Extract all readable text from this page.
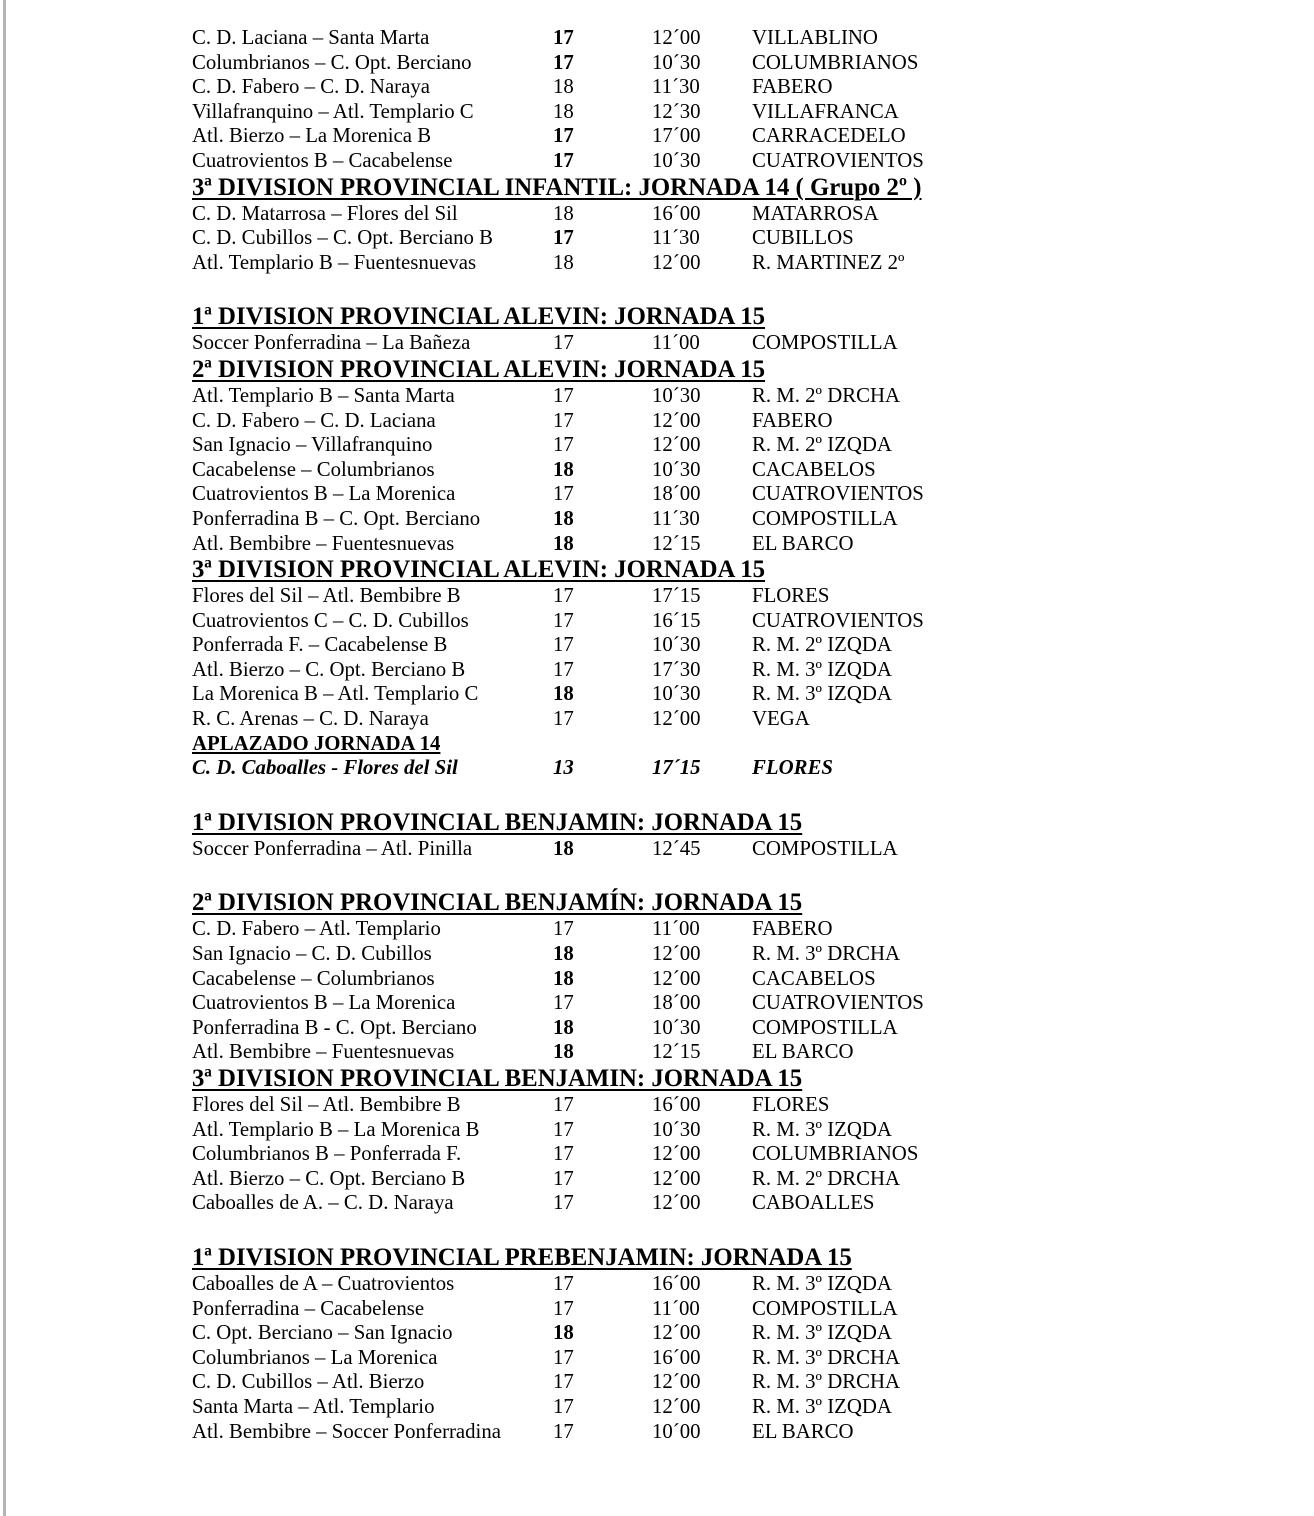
C. D. Laciana – Santa Marta	17	12´00 VILLABLINO
Columbrianos – C. Opt. Berciano	17	10´30 COLUMBRIANOS
C. D. Fabero – C. D. Naraya	18	11´30	FABERO
Villafranquino – Atl. Templario C	18	12´30 VILLAFRANCA
Atl. Bierzo – La Morenica B	17	17´00 CARRACEDELO
Cuatrovientos B – Cacabelense	17	10´30 CUATROVIENTOS
3ª DIVISION PROVINCIAL INFANTIL: JORNADA 14 ( Grupo 2º )
C. D. Matarrosa – Flores del Sil	18	16´00 MATARROSA
C. D. Cubillos – C. Opt. Berciano B	17	11´30	CUBILLOS
Atl. Templario B – Fuentesnuevas	18	12´00 R. MARTINEZ 2º
1ª DIVISION PROVINCIAL ALEVIN: JORNADA 15
Soccer Ponferradina – La Bañeza	17	11´00	COMPOSTILLA
2ª DIVISION PROVINCIAL ALEVIN: JORNADA 15
Atl. Templario B – Santa Marta	17	10´30 R. M. 2º DRCHA
C. D. Fabero – C. D. Laciana	17	12´00 FABERO
San Ignacio – Villafranquino	17	12´00 R. M. 2º IZQDA
Cacabelense – Columbrianos	18	10´30 CACABELOS
Cuatrovientos B – La Morenica	17	18´00 CUATROVIENTOS
Ponferradina B – C. Opt. Berciano	18	11´30	COMPOSTILLA
Atl. Bembibre – Fuentesnuevas	18	12´15 EL BARCO
3ª DIVISION PROVINCIAL ALEVIN: JORNADA 15
Flores del Sil – Atl. Bembibre B	17	17´15 FLORES
Cuatrovientos C – C. D. Cubillos	17	16´15 CUATROVIENTOS
Ponferrada F. – Cacabelense B	17	10´30 R. M. 2º IZQDA
Atl. Bierzo – C. Opt. Berciano B	17	17´30 R. M. 3º IZQDA
La Morenica B – Atl. Templario C	18	10´30 R. M. 3º IZQDA
R. C. Arenas – C. D. Naraya	17	12´00 VEGA
APLAZADO JORNADA 14
C. D. Caboalles - Flores del Sil	13	17´15 FLORES
1ª DIVISION PROVINCIAL BENJAMIN: JORNADA 15
Soccer Ponferradina – Atl. Pinilla	18	12´45 COMPOSTILLA
2ª DIVISION PROVINCIAL BENJAMÍN: JORNADA 15
C. D. Fabero – Atl. Templario	17	11´00	FABERO
San Ignacio – C. D. Cubillos	18	12´00 R. M. 3º DRCHA
Cacabelense – Columbrianos	18	12´00 CACABELOS
Cuatrovientos B – La Morenica	17	18´00 CUATROVIENTOS
Ponferradina B - C. Opt. Berciano	18	10´30 COMPOSTILLA
Atl. Bembibre – Fuentesnuevas	18	12´15 EL BARCO
3ª DIVISION PROVINCIAL BENJAMIN: JORNADA 15
Flores del Sil – Atl. Bembibre B	17	16´00 FLORES
Atl. Templario B – La Morenica B	17	10´30 R. M. 3º IZQDA
Columbrianos B – Ponferrada F.	17	12´00 COLUMBRIANOS
Atl. Bierzo – C. Opt. Berciano B	17	12´00 R. M. 2º DRCHA
Caboalles de A. – C. D. Naraya	17	12´00 CABOALLES
1ª DIVISION PROVINCIAL PREBENJAMIN: JORNADA 15
Caboalles de A – Cuatrovientos	17	16´00 R. M. 3º IZQDA
Ponferradina – Cacabelense	17	11´00	COMPOSTILLA
C. Opt. Berciano – San Ignacio	18	12´00 R. M. 3º IZQDA
Columbrianos – La Morenica	17	16´00 R. M. 3º DRCHA
C. D. Cubillos – Atl. Bierzo	17	12´00 R. M. 3º DRCHA
Santa Marta – Atl. Templario	17	12´00 R. M. 3º IZQDA
Atl. Bembibre – Soccer Ponferradina	17	10´00 EL BARCO
